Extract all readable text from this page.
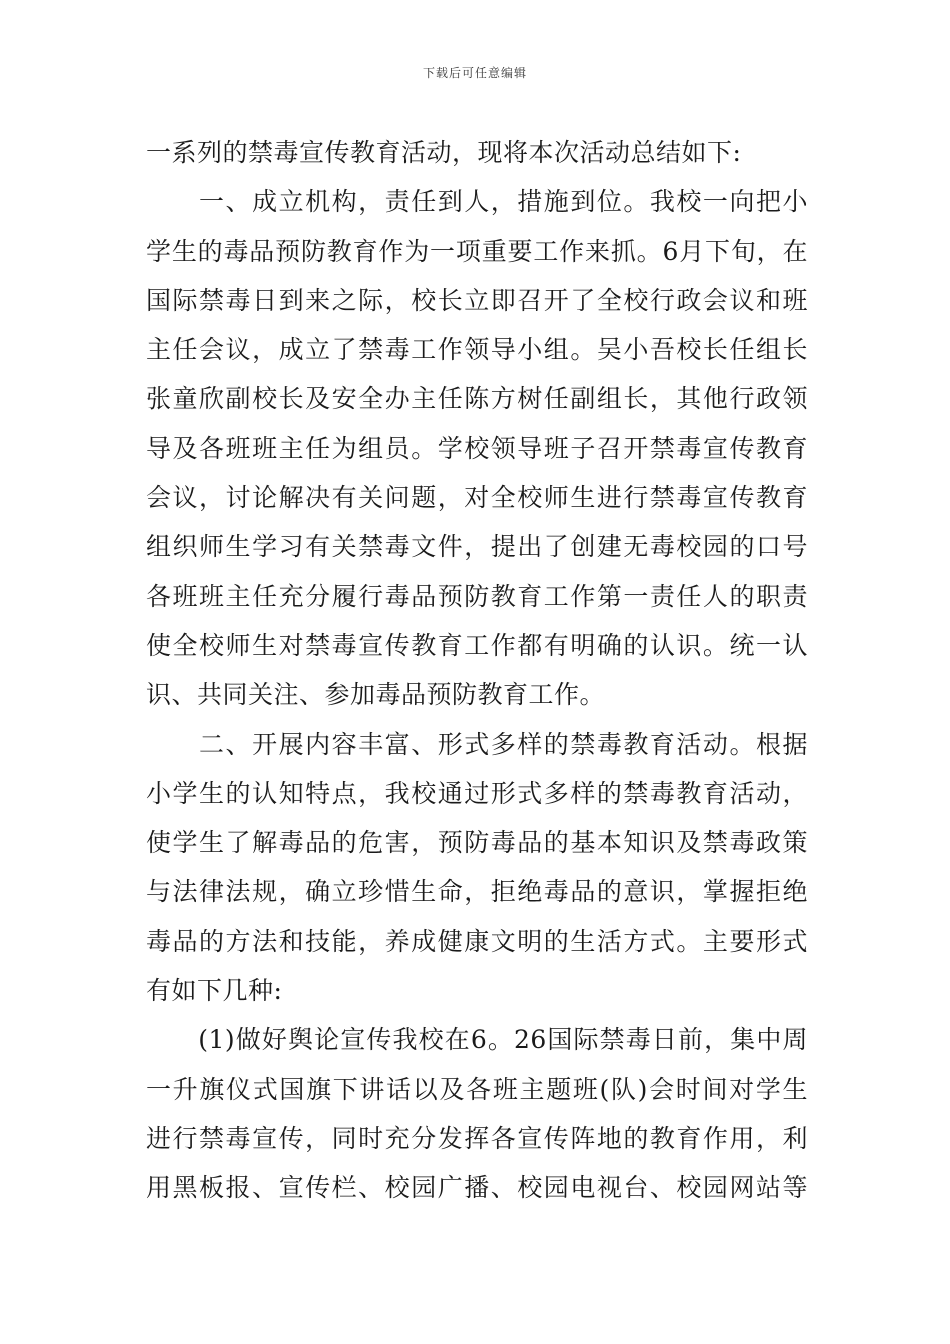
下载后可任意编辑
一系列的禁毒宣传教育活动，现将本次活动总结如下:
　　一、成立机构，责任到人，措施到位。我校一向把小
学生的毒品预防教育作为一项重要工作来抓。6月下旬，在
国际禁毒日到来之际，校长立即召开了全校行政会议和班
主任会议，成立了禁毒工作领导小组。吴小吾校长任组长
张童欣副校长及安全办主任陈方树任副组长，其他行政领
导及各班班主任为组员。学校领导班子召开禁毒宣传教育
会议，讨论解决有关问题，对全校师生进行禁毒宣传教育
组织师生学习有关禁毒文件，提出了创建无毒校园的口号
各班班主任充分履行毒品预防教育工作第一责任人的职责
使全校师生对禁毒宣传教育工作都有明确的认识。统一认
识、共同关注、参加毒品预防教育工作。
　　二、开展内容丰富、形式多样的禁毒教育活动。根据
小学生的认知特点，我校通过形式多样的禁毒教育活动，
使学生了解毒品的危害，预防毒品的基本知识及禁毒政策
与法律法规，确立珍惜生命，拒绝毒品的意识，掌握拒绝
毒品的方法和技能，养成健康文明的生活方式。主要形式
有如下几种:
　　(1)做好舆论宣传我校在6。26国际禁毒日前，集中周
一升旗仪式国旗下讲话以及各班主题班(队)会时间对学生
进行禁毒宣传，同时充分发挥各宣传阵地的教育作用，利
用黑板报、宣传栏、校园广播、校园电视台、校园网站等
